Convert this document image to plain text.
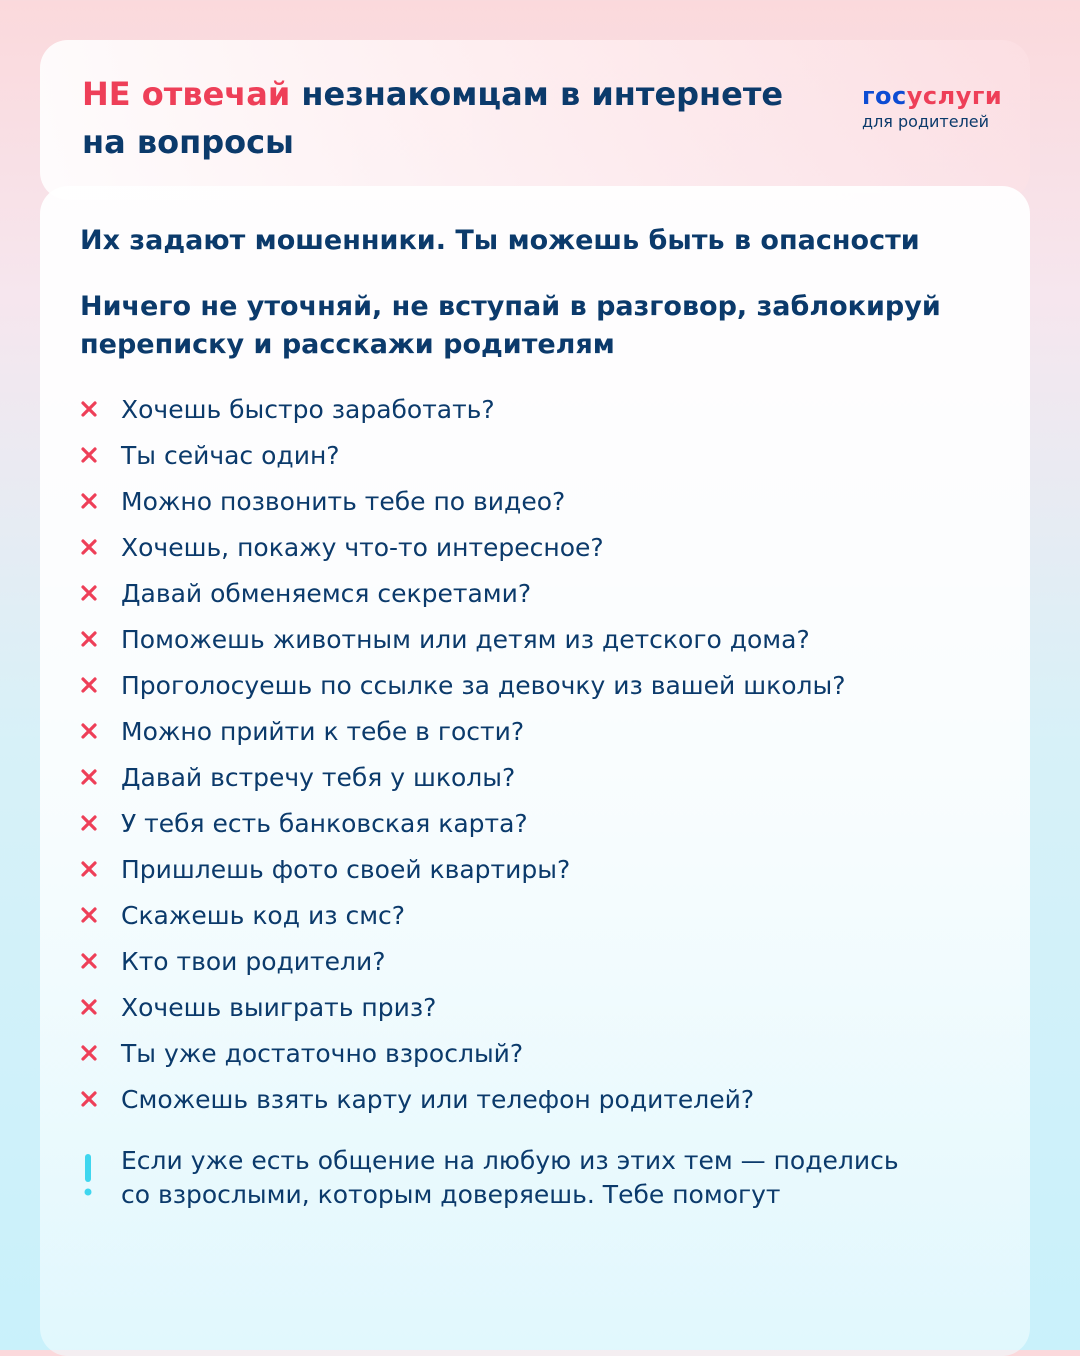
НЕ отвечай незнакомцам в интернете на вопросы
госуслуги
для родителей
Их задают мошенники. Ты можешь быть в опасности
Ничего не уточняй, не вступай в разговор, заблокируй переписку и расскажи родителям
Хочешь быстро заработать?
Ты сейчас один?
Можно позвонить тебе по видео?
Хочешь, покажу что-то интересное?
Давай обменяемся секретами?
Поможешь животным или детям из детского дома?
Проголосуешь по ссылке за девочку из вашей школы?
Можно прийти к тебе в гости?
Давай встречу тебя у школы?
У тебя есть банковская карта?
Пришлешь фото своей квартиры?
Скажешь код из смс?
Кто твои родители?
Хочешь выиграть приз?
Ты уже достаточно взрослый?
Сможешь взять карту или телефон родителей?
Если уже есть общение на любую из этих тем — поделись
со взрослыми, которым доверяешь. Тебе помогут
